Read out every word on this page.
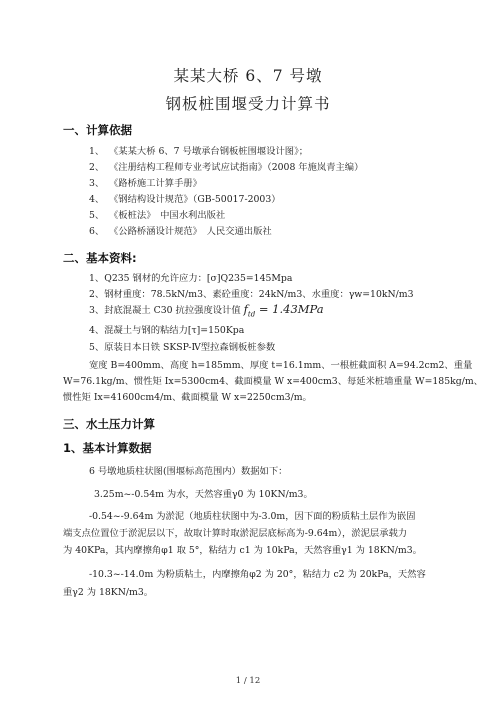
某某大桥 6、7 号墩
钢板桩围堰受力计算书
一、计算依据
1、 《某某大桥 6、7 号墩承台钢板桩围堰设计图》；
2、 《注册结构工程师专业考试应试指南》（2008 年施岚青主编）
3、 《路桥施工计算手册》
4、 《钢结构设计规范》（GB-50017-2003）
5、 《板桩法》　中国水利出版社
6、 《公路桥涵设计规范》　人民交通出版社
二、基本资料:
1、Q235 钢材的允许应力：[σ]Q235=145Mpa
2、钢材重度：78.5kN/m3、素砼重度：24kN/m3、水重度：γw=10kN/m3
3、封底混凝土 C30 抗拉强度设计值 $f_{td} = 1.43MPa$
4、混凝土与钢的粘结力[τ]=150Kpa
5、原装日本日铁 SKSP-Ⅳ型拉森钢板桩参数
宽度 B=400mm、高度 h=185mm、厚度 t=16.1mm、一根桩截面积 A=94.2cm2、重量
W=76.1kg/m、惯性矩 Ix=5300cm4、截面模量 W x=400cm3、每延米桩墙重量 W=185kg/m、
惯性矩 Ix=41600cm4/m、截面模量 W x=2250cm3/m。
三、水土压力计算
1、基本计算数据
6 号墩地质柱状图(围堰标高范围内）数据如下：
3.25m~-0.54m 为水，天然容重γ0 为 10KN/m3。
-0.54~-9.64m 为淤泥（地质柱状图中为-3.0m，因下面的粉质粘土层作为嵌固
端支点位置位于淤泥层以下，故取计算时取淤泥层底标高为-9.64m），淤泥层承载力
为 40KPa，其内摩擦角φ1 取 5°，粘结力 c1 为 10kPa，天然容重γ1 为 18KN/m3。
-10.3~-14.0m 为粉质粘土，内摩擦角φ2 为 20°，粘结力 c2 为 20kPa，天然容
重γ2 为 18KN/m3。
1 / 12
